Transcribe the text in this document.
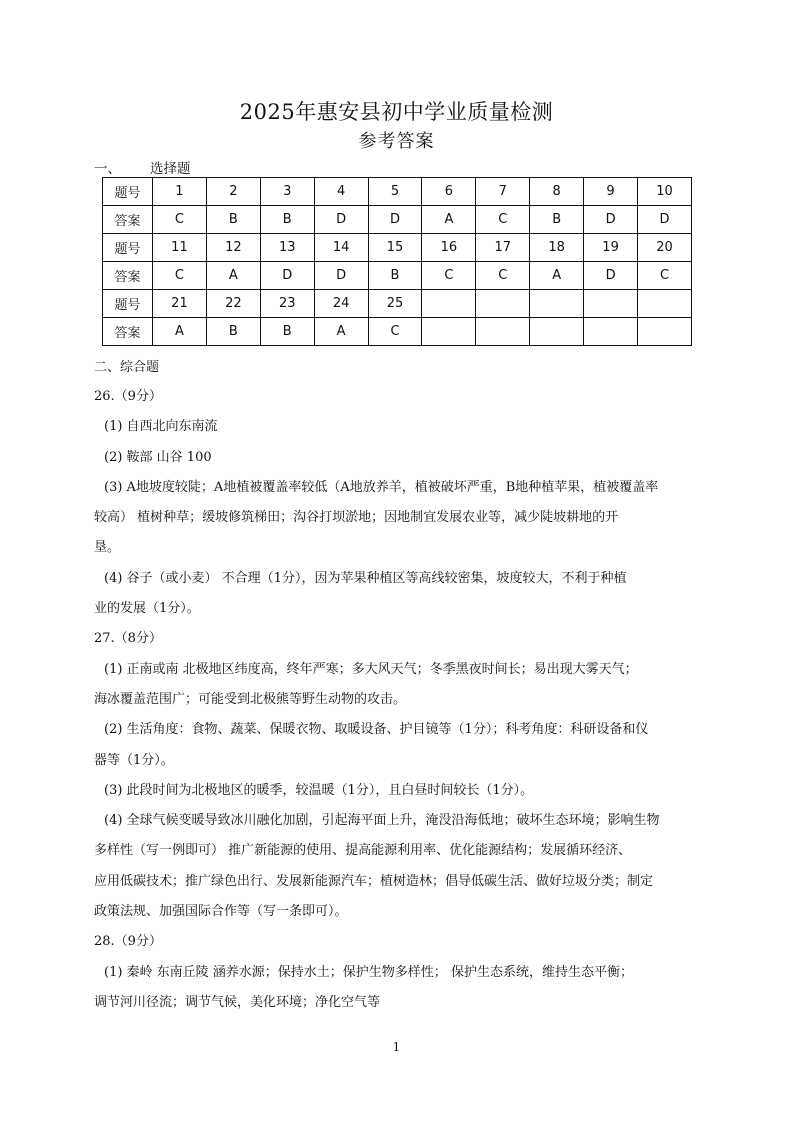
2025年惠安县初中学业质量检测
参考答案
一、 选择题
题号	1	2	3	4	5	6	7	8	9	10
答案	C	B	B	D	D	A	C	B	D	D
题号	11	12	13	14	15	16	17	18	19	20
答案	C	A	D	D	B	C	C	A	D	C
题号	21	22	23	24	25					
答案	A	B	B	A	C					
二、综合题
26.（9分）
(1) 自西北向东南流
(2) 鞍部 山谷 100
(3) A地坡度较陡；A地植被覆盖率较低（A地放养羊，植被破坏严重，B地种植苹果，植被覆盖率
较高） 植树种草；缓坡修筑梯田；沟谷打坝淤地；因地制宜发展农业等，减少陡坡耕地的开
垦。
(4) 谷子（或小麦） 不合理（1分），因为苹果种植区等高线较密集，坡度较大，不利于种植
业的发展（1分）。
27.（8分）
(1) 正南或南 北极地区纬度高，终年严寒；多大风天气；冬季黑夜时间长；易出现大雾天气；
海冰覆盖范围广；可能受到北极熊等野生动物的攻击。
(2) 生活角度：食物、蔬菜、保暖衣物、取暖设备、护目镜等（1分）；科考角度：科研设备和仪
器等（1分）。
(3) 此段时间为北极地区的暖季，较温暖（1分），且白昼时间较长（1分）。
(4) 全球气候变暖导致冰川融化加剧，引起海平面上升，淹没沿海低地；破坏生态环境；影响生物
多样性（写一例即可） 推广新能源的使用、提高能源利用率、优化能源结构；发展循环经济、
应用低碳技术；推广绿色出行、发展新能源汽车；植树造林；倡导低碳生活、做好垃圾分类；制定
政策法规、加强国际合作等（写一条即可）。
28.（9分）
(1) 秦岭 东南丘陵 涵养水源；保持水土；保护生物多样性； 保护生态系统，维持生态平衡；
调节河川径流；调节气候，美化环境；净化空气等
1
